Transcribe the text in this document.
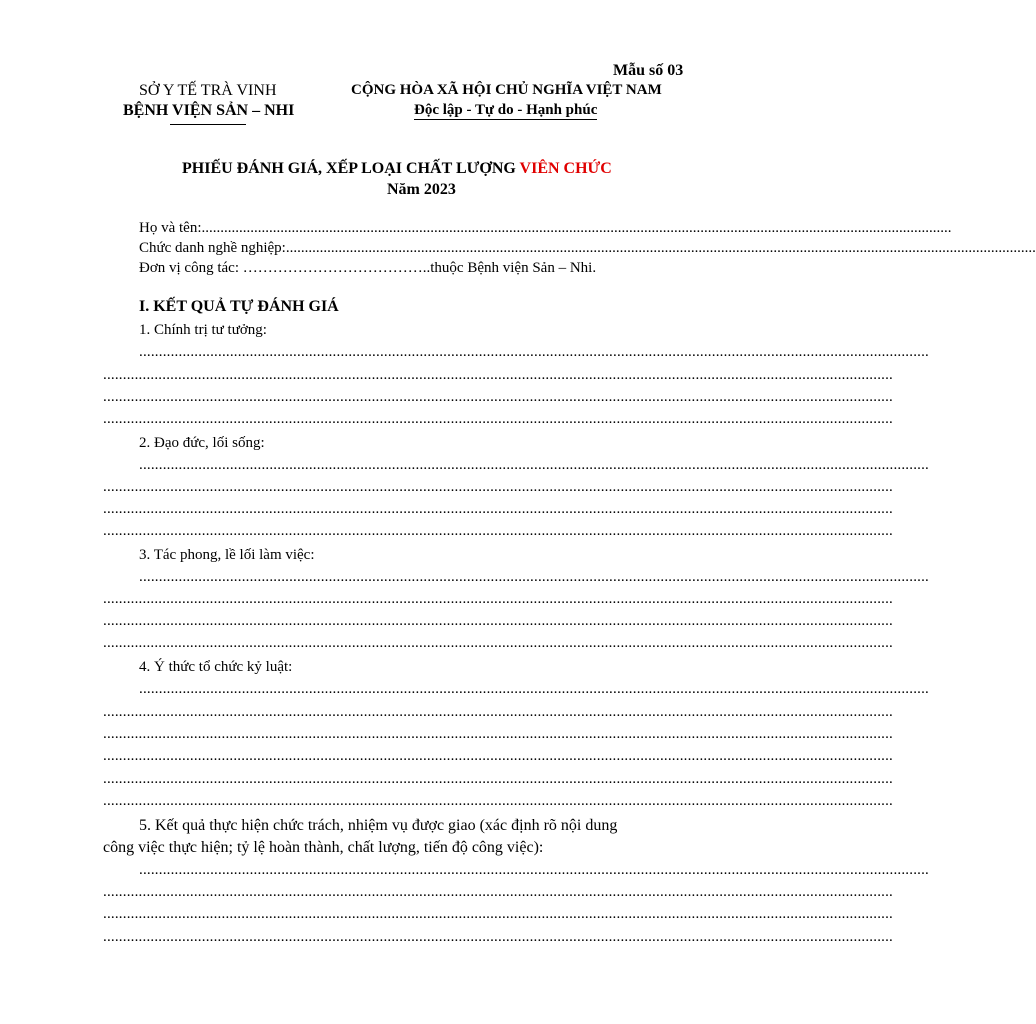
Mẫu số 03
SỞ Y TẾ TRÀ VINH
BỆNH VIỆN SẢN – NHI
CỘNG HÒA XÃ HỘI CHỦ NGHĨA VIỆT NAM
Độc lập - Tự do - Hạnh phúc
PHIẾU ĐÁNH GIÁ, XẾP LOẠI CHẤT LƯỢNG VIÊN CHỨC
Năm 2023
Họ và tên:........................................................................................................................................................................................................
Chức danh nghề nghiệp:........................................................................................................................................................................................................
Đơn vị công tác: ………………………………..thuộc Bệnh viện Sản – Nhi.
I. KẾT QUẢ TỰ ĐÁNH GIÁ
1. Chính trị tư tưởng:
........................................................................................................................................................................................................
........................................................................................................................................................................................................
........................................................................................................................................................................................................
........................................................................................................................................................................................................
2. Đạo đức, lối sống:
........................................................................................................................................................................................................
........................................................................................................................................................................................................
........................................................................................................................................................................................................
........................................................................................................................................................................................................
3. Tác phong, lề lối làm việc:
........................................................................................................................................................................................................
........................................................................................................................................................................................................
........................................................................................................................................................................................................
........................................................................................................................................................................................................
4. Ý thức tổ chức kỷ luật:
........................................................................................................................................................................................................
........................................................................................................................................................................................................
........................................................................................................................................................................................................
........................................................................................................................................................................................................
........................................................................................................................................................................................................
........................................................................................................................................................................................................
5. Kết quả thực hiện chức trách, nhiệm vụ được giao (xác định rõ nội dung
công việc thực hiện; tỷ lệ hoàn thành, chất lượng, tiến độ công việc):
........................................................................................................................................................................................................
........................................................................................................................................................................................................
........................................................................................................................................................................................................
........................................................................................................................................................................................................
